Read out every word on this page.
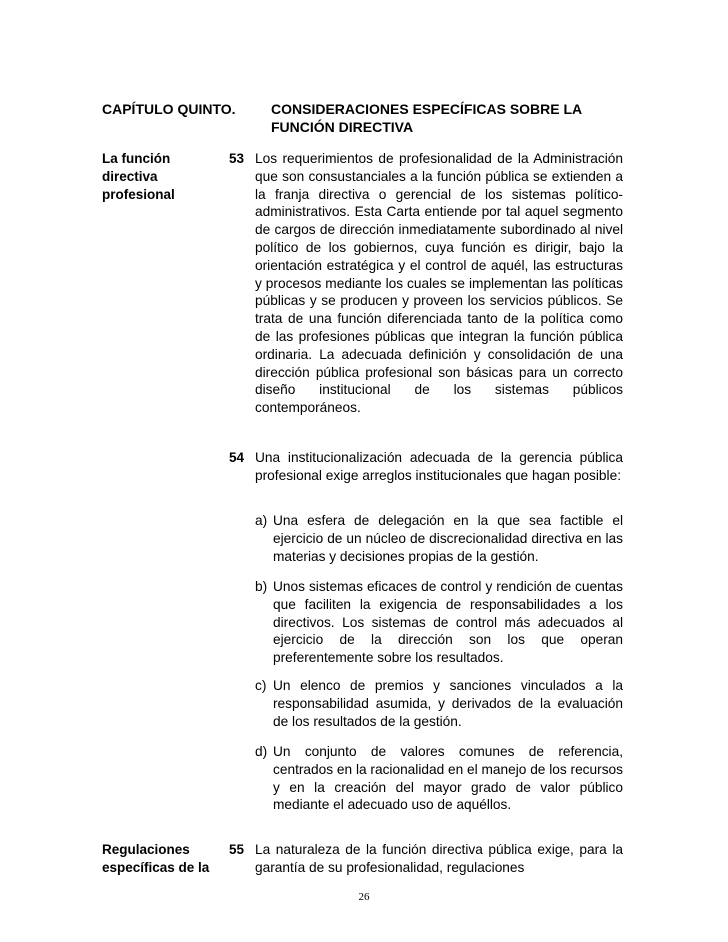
CAPÍTULO QUINTO.	CONSIDERACIONES ESPECÍFICAS SOBRE LA FUNCIÓN DIRECTIVA
La función directiva profesional
53 Los requerimientos de profesionalidad de la Administración que son consustanciales a la función pública se extienden a la franja directiva o gerencial de los sistemas político-administrativos. Esta Carta entiende por tal aquel segmento de cargos de dirección inmediatamente subordinado al nivel político de los gobiernos, cuya función es dirigir, bajo la orientación estratégica y el control de aquél, las estructuras y procesos mediante los cuales se implementan las políticas públicas y se producen y proveen los servicios públicos. Se trata de una función diferenciada tanto de la política como de las profesiones públicas que integran la función pública ordinaria. La adecuada definición y consolidación de una dirección pública profesional son básicas para un correcto diseño institucional de los sistemas públicos contemporáneos.
54 Una institucionalización adecuada de la gerencia pública profesional exige arreglos institucionales que hagan posible:
a) Una esfera de delegación en la que sea factible el ejercicio de un núcleo de discrecionalidad directiva en las materias y decisiones propias de la gestión.
b) Unos sistemas eficaces de control y rendición de cuentas que faciliten la exigencia de responsabilidades a los directivos. Los sistemas de control más adecuados al ejercicio de la dirección son los que operan preferentemente sobre los resultados.
c) Un elenco de premios y sanciones vinculados a la responsabilidad asumida, y derivados de la evaluación de los resultados de la gestión.
d) Un conjunto de valores comunes de referencia, centrados en la racionalidad en el manejo de los recursos y en la creación del mayor grado de valor público mediante el adecuado uso de aquéllos.
Regulaciones específicas de la
55 La naturaleza de la función directiva pública exige, para la garantía de su profesionalidad, regulaciones
26
